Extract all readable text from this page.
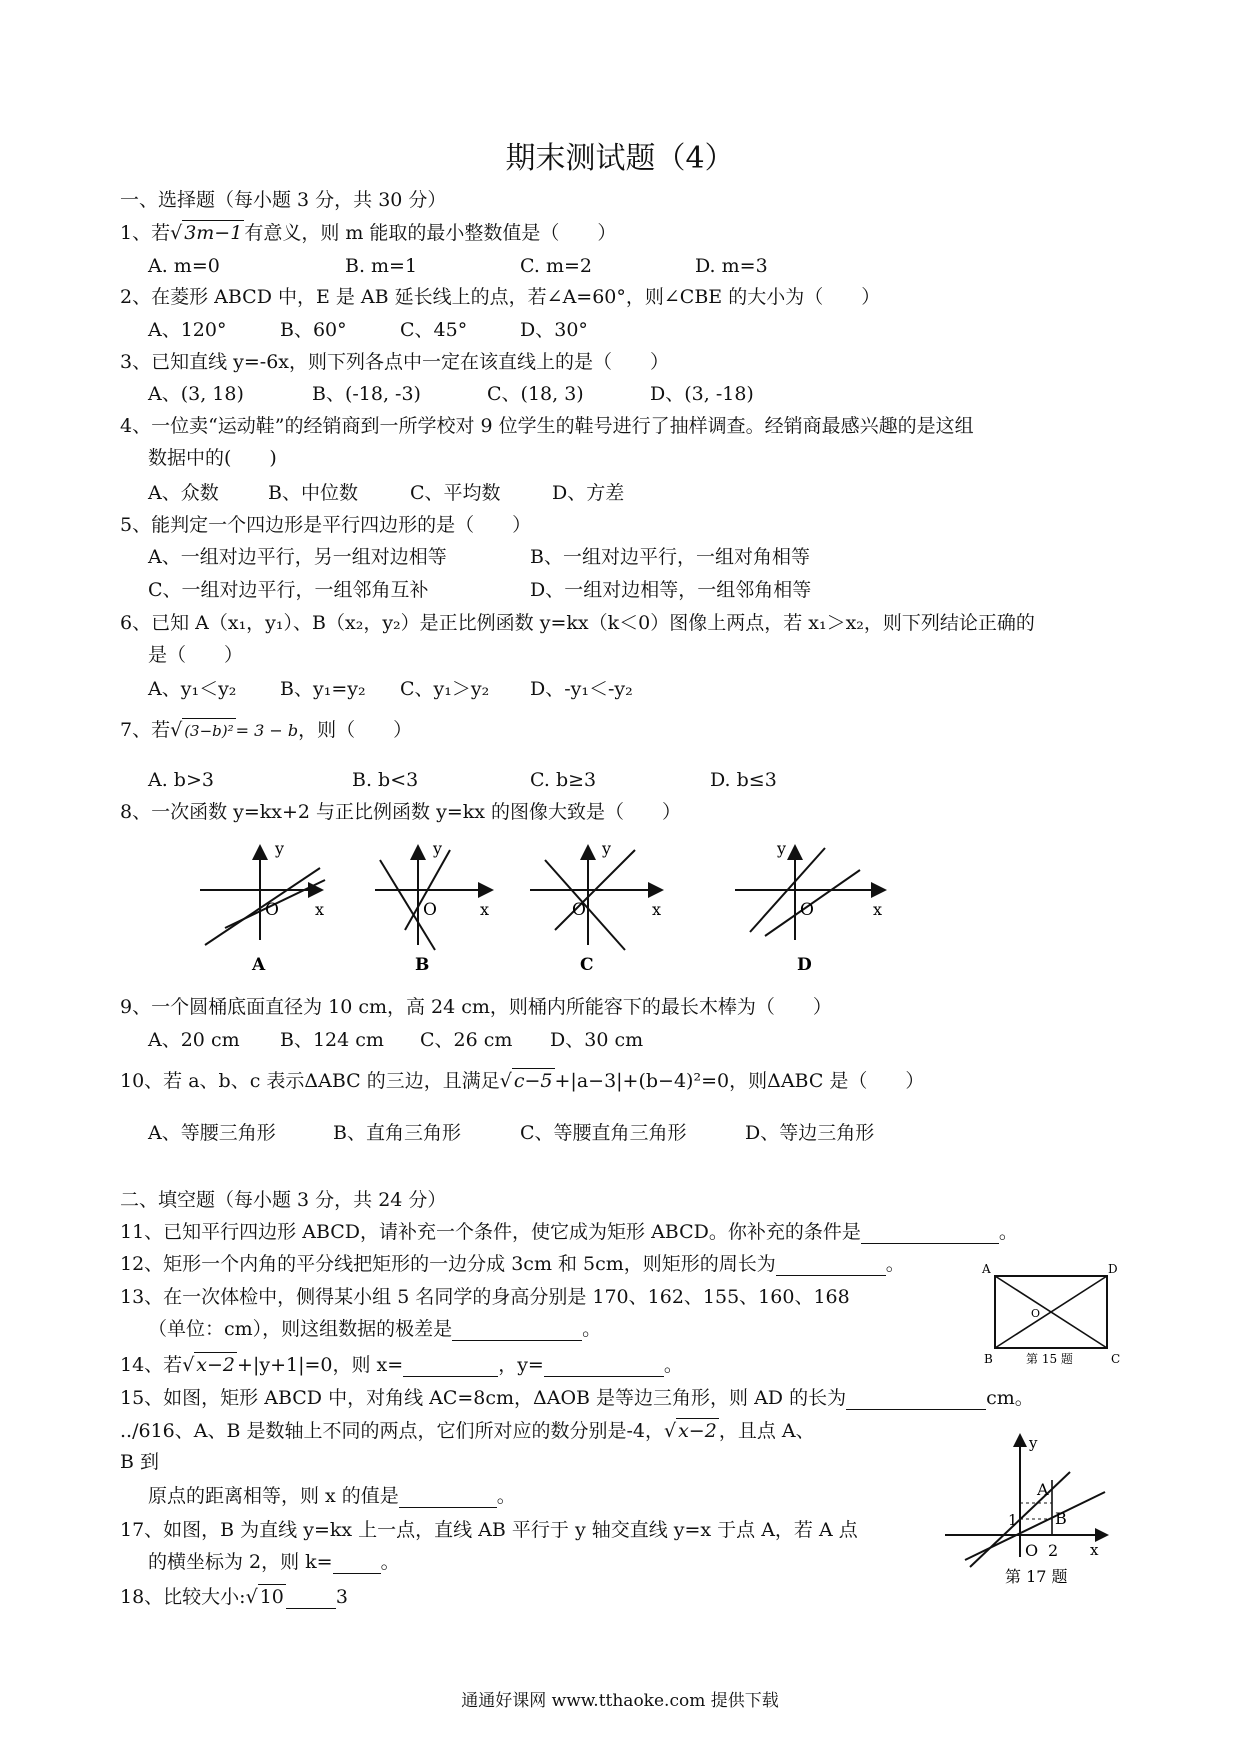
期末测试题（4）
一、选择题（每小题 3 分，共 30 分）
1、若√ 3m−1 有意义，则 m 能取的最小整数值是（　　）
A. m=0	B. m=1	C. m=2	D. m=3
2、在菱形 ABCD 中，E 是 AB 延长线上的点，若∠A=60°，则∠CBE 的大小为（　　）
A、120°	B、60°	C、45°	D、30°
3、已知直线 y=-6x，则下列各点中一定在该直线上的是（　　）
A、(3, 18)	B、(-18, -3)	C、(18, 3)	D、(3, -18)
4、一位卖“运动鞋”的经销商到一所学校对 9 位学生的鞋号进行了抽样调查。经销商最感兴趣的是这组
数据中的(　　)
A、众数	B、中位数	C、平均数	D、方差
5、能判定一个四边形是平行四边形的是（　　）
A、一组对边平行，另一组对边相等	B、一组对边平行，一组对角相等
C、一组对边平行，一组邻角互补	D、一组对边相等，一组邻角相等
6、已知 A（x₁，y₁）、B（x₂，y₂）是正比例函数 y=kx（k＜0）图像上两点，若 x₁＞x₂，则下列结论正确的
是（　　）
A、y₁＜y₂ B、y₁=y₂ C、y₁＞y₂ D、-y₁＜-y₂
7、若√ (3−b)² = 3 − b，则（　　）
A. b>3	B. b<3	C. b≥3	D. b≤3
8、一次函数 y=kx+2 与正比例函数 y=kx 的图像大致是（　　）
y
O x
A
y
O	x
B
y
O	x
C
y
O	x
D
9、一个圆桶底面直径为 10 cm，高 24 cm，则桶内所能容下的最长木棒为（　　）
A、20 cm B、124 cm C、26 cm D、30 cm
10、若 a、b、c 表示ΔABC 的三边，且满足√ c−5 +|a−3|+(b−4)²=0，则ΔABC 是（　　）
A、等腰三角形	B、直角三角形	C、等腰直角三角形	D、等边三角形
二、填空题（每小题 3 分，共 24 分）
11、已知平行四边形 ABCD，请补充一个条件，使它成为矩形 ABCD。你补充的条件是	。
12、矩形一个内角的平分线把矩形的一边分成 3cm 和 5cm，则矩形的周长为	。
13、在一次体检中，侧得某小组 5 名同学的身高分别是 170、162、155、160、168
（单位：cm），则这组数据的极差是	。
14、若√ x−2 +|y+1|=0，则 x=	，y=	。
15、如图，矩形 ABCD 中，对角线 AC=8cm，ΔAOB 是等边三角形，则 AD 的长为	cm。
../616、A、B 是数轴上不同的两点，它们所对应的数分别是-4，√ x−2 ，且点 A、
B 到
原点的距离相等，则 x 的值是	。
17、如图，B 为直线 y=kx 上一点，直线 AB 平行于 y 轴交直线 y=x 于点 A，若 A 点
的横坐标为 2，则 k=	。
18、比较大小:√ 10	3
A	D
B	C
O
第 15 题
y
x
O 2
1
A
B
第 17 题
通通好课网 www.tthaoke.com 提供下载
